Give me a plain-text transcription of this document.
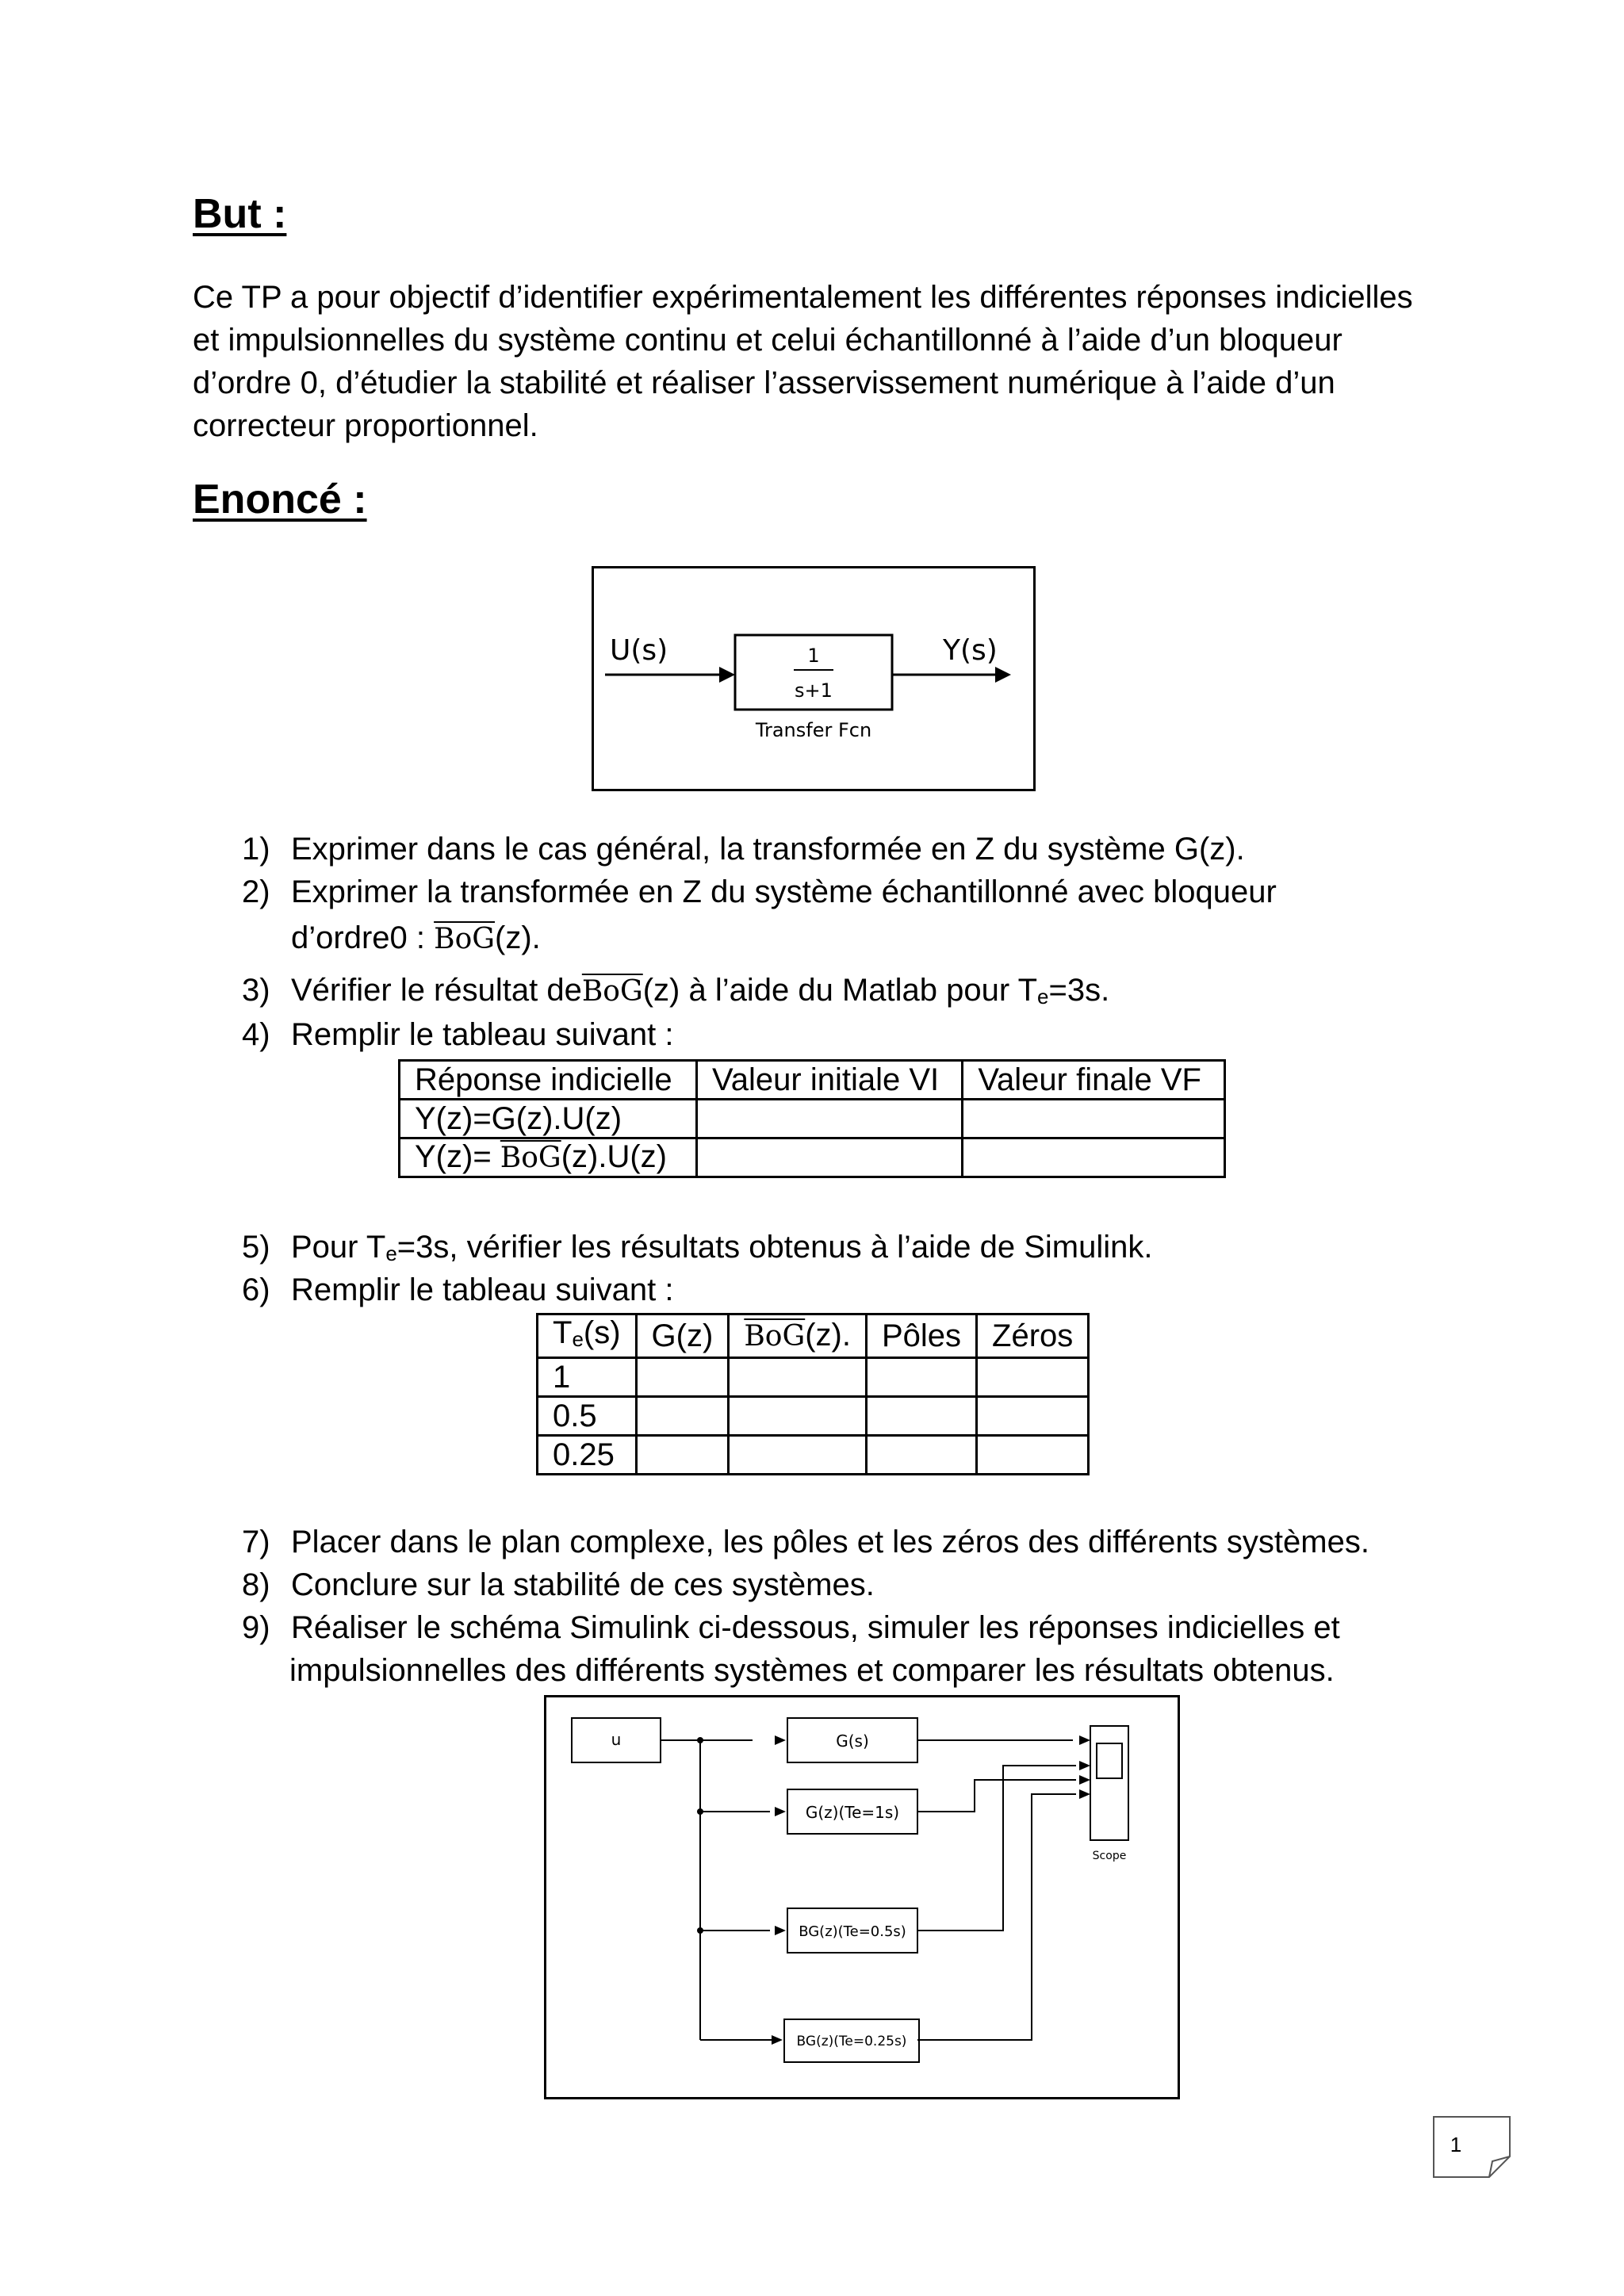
But :
Ce TP a pour objectif d’identifier expérimentalement les différentes réponses indicielles et impulsionnelles du système continu et celui échantillonné à l’aide d’un bloqueur d’ordre 0, d’étudier la stabilité et réaliser l’asservissement numérique à l’aide d’un correcteur proportionnel.
Enoncé :
U(s)	1
s+1
Transfer Fcn
Y(s)
1) Exprimer dans le cas général, la transformée en Z du système G(z).
2) Exprimer la transformée en Z du système échantillonné avec bloqueur
d’ordre0 : $\overline{BoG}(z)$.
3) Vérifier le résultat $de\overline{BoG}(z)$ à l’aide du Matlab pour $T_e=3s$.
4) Remplir le tableau suivant :
Réponse indicielle	Valeur initiale VI	Valeur finale VF
Y(z)=G(z).U(z)		
$Y(z)= \overline{BoG}(z).U(z)$		
5) Pour $T_e=3s$, vérifier les résultats obtenus à l’aide de Simulink.
6) Remplir le tableau suivant :
$T_e(s)$	G(z)	$\overline{BoG}(z)$.	Pôles	Zéros
1				
0.5				
0.25				
7) Placer dans le plan complexe, les pôles et les zéros des différents systèmes.
8) Conclure sur la stabilité de ces systèmes.
9) Réaliser le schéma Simulink ci-dessous, simuler les réponses indicielles et
impulsionnelles des différents systèmes et comparer les résultats obtenus.
u	G(s)
G(z)(Te=1s)
BG(z)(Te=0.5s)
BG(z)(Te=0.25s)
Scope
1
